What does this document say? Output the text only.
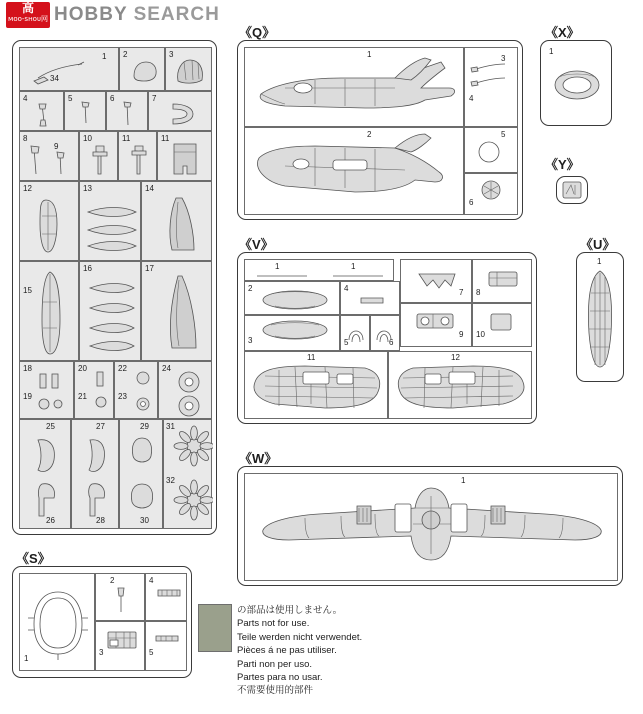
高
ᴍᴏᴏ-sʜᴏᴜ网 HOBBY SEARCH
34
1 2	3
4	5	6	7
8
9
10	11	11
12	13	14
15
16	17
18
19
20
21
22
23
24
25
26
27
28
29
30
31
32
《Q》
1	3
4
2	5
6
《X》
1
《Y》
《V》
1	1
2
3
4
5	6
7 8
9 10
11	12
《U》
1
《W》
1
《S》
1
2
3
4
5
の部品は使用しません。
Parts not for use.
Teile werden nicht verwendet.
Pièces á ne pas utiliser.
Parti non per uso.
Partes para no usar.
不需要使用的部件
